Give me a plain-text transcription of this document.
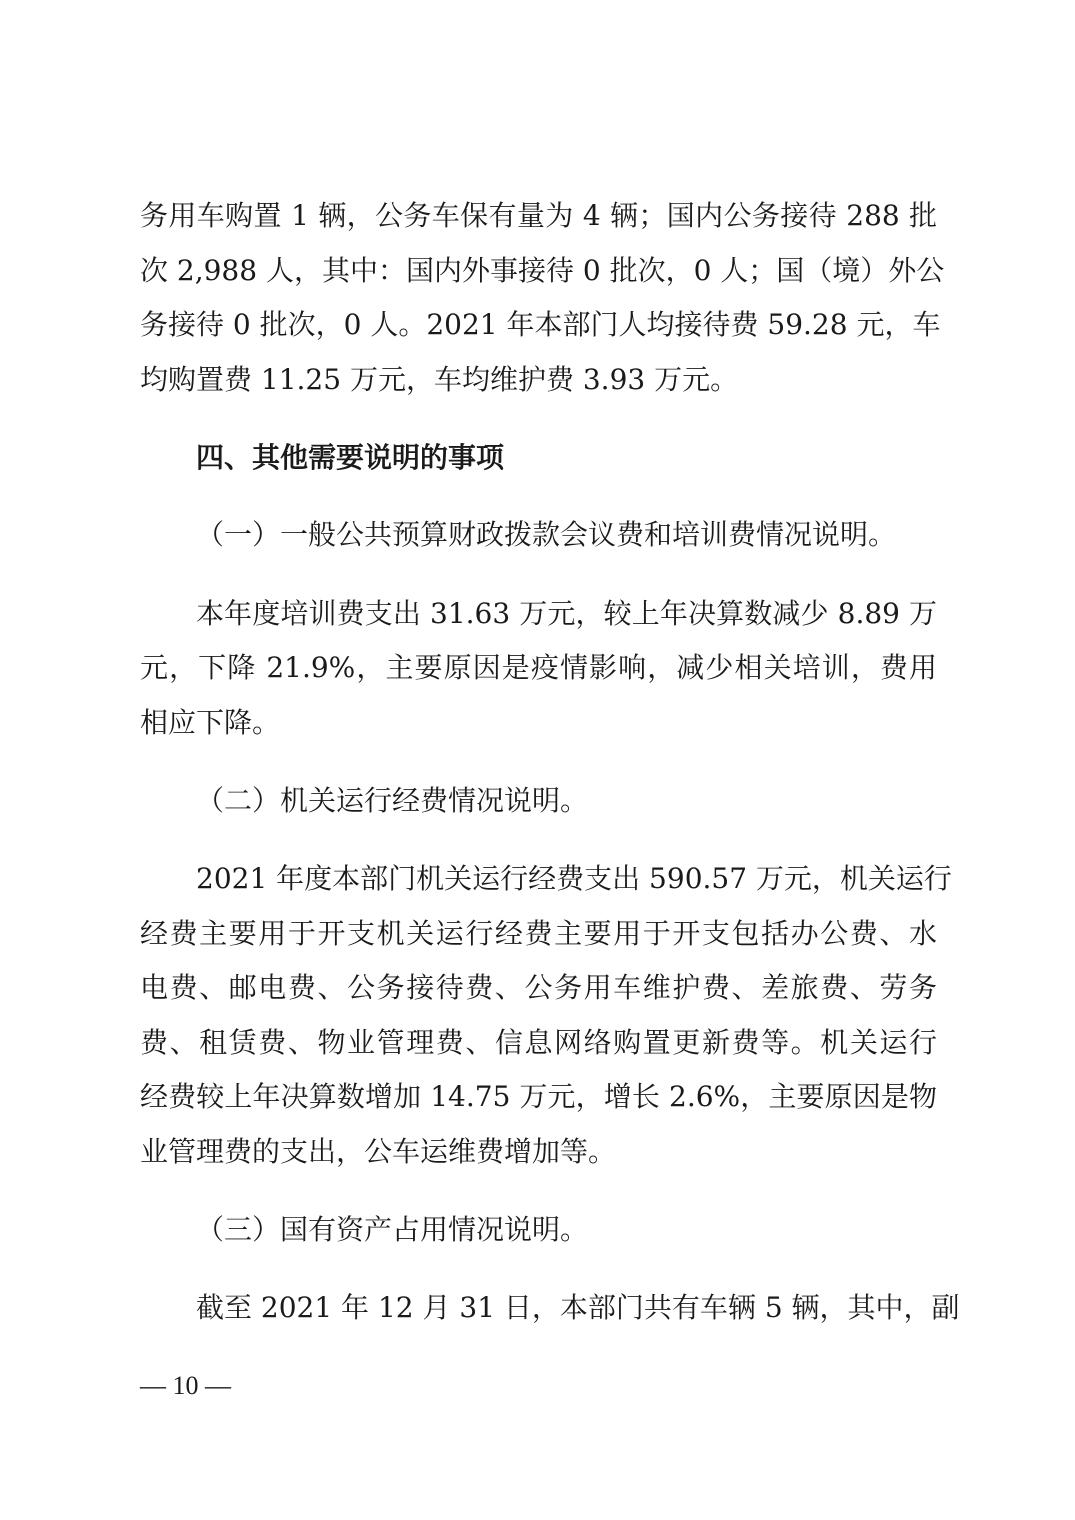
务用车购置 1 辆，公务车保有量为 4 辆；国内公务接待 288 批
次 2,988 人，其中：国内外事接待 0 批次，0 人；国（境）外公
务接待 0 批次，0 人。2021 年本部门人均接待费 59.28 元，车
均购置费 11.25 万元，车均维护费 3.93 万元。
四、其他需要说明的事项
（一）一般公共预算财政拨款会议费和培训费情况说明。
本年度培训费支出 31.63 万元，较上年决算数减少 8.89 万
元，下降 21.9%，主要原因是疫情影响，减少相关培训，费用
相应下降。
（二）机关运行经费情况说明。
2021 年度本部门机关运行经费支出 590.57 万元，机关运行
经费主要用于开支机关运行经费主要用于开支包括办公费、水
电费、邮电费、公务接待费、公务用车维护费、差旅费、劳务
费、租赁费、物业管理费、信息网络购置更新费等。机关运行
经费较上年决算数增加 14.75 万元，增长 2.6%，主要原因是物
业管理费的支出，公车运维费增加等。
（三）国有资产占用情况说明。
截至 2021 年 12 月 31 日，本部门共有车辆 5 辆，其中，副
— 10 —
